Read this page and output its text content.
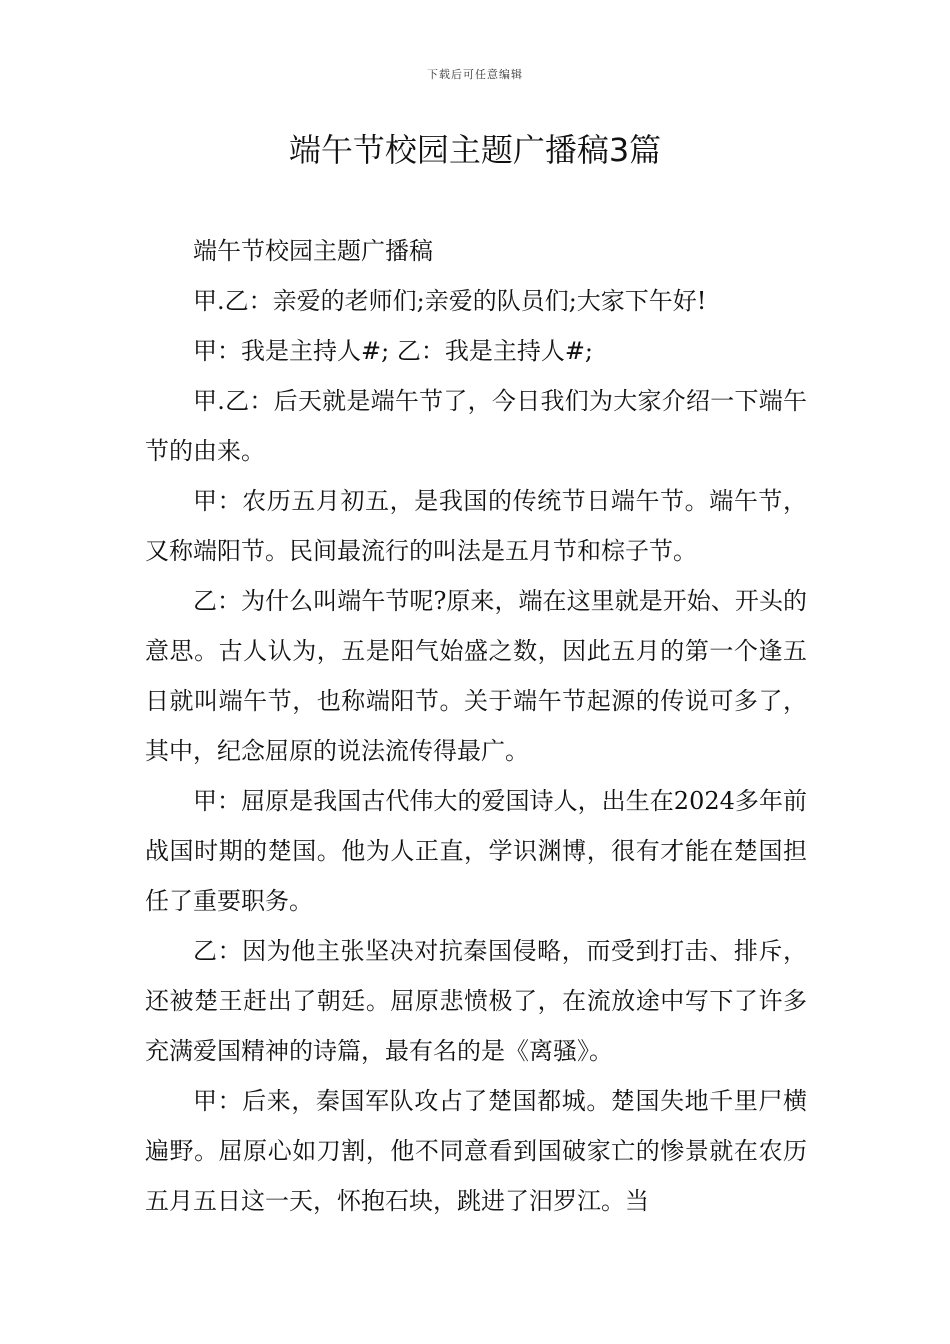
下载后可任意编辑
端午节校园主题广播稿3篇

端午节校园主题广播稿

甲.乙：亲爱的老师们;亲爱的队员们;大家下午好!

甲：我是主持人#; 乙：我是主持人#;

甲.乙：后天就是端午节了，今日我们为大家介绍一下端午节的由来。

甲：农历五月初五，是我国的传统节日端午节。端午节，又称端阳节。民间最流行的叫法是五月节和棕子节。

乙：为什么叫端午节呢?原来，端在这里就是开始、开头的意思。古人认为，五是阳气始盛之数，因此五月的第一个逢五日就叫端午节，也称端阳节。关于端午节起源的传说可多了，其中，纪念屈原的说法流传得最广。

甲：屈原是我国古代伟大的爱国诗人，出生在2024多年前战国时期的楚国。他为人正直，学识渊博，很有才能在楚国担任了重要职务。

乙：因为他主张坚决对抗秦国侵略，而受到打击、排斥，还被楚王赶出了朝廷。屈原悲愤极了，在流放途中写下了许多充满爱国精神的诗篇，最有名的是《离骚》。

甲：后来，秦国军队攻占了楚国都城。楚国失地千里尸横遍野。屈原心如刀割，他不同意看到国破家亡的惨景就在农历五月五日这一天，怀抱石块，跳进了汨罗江。当
